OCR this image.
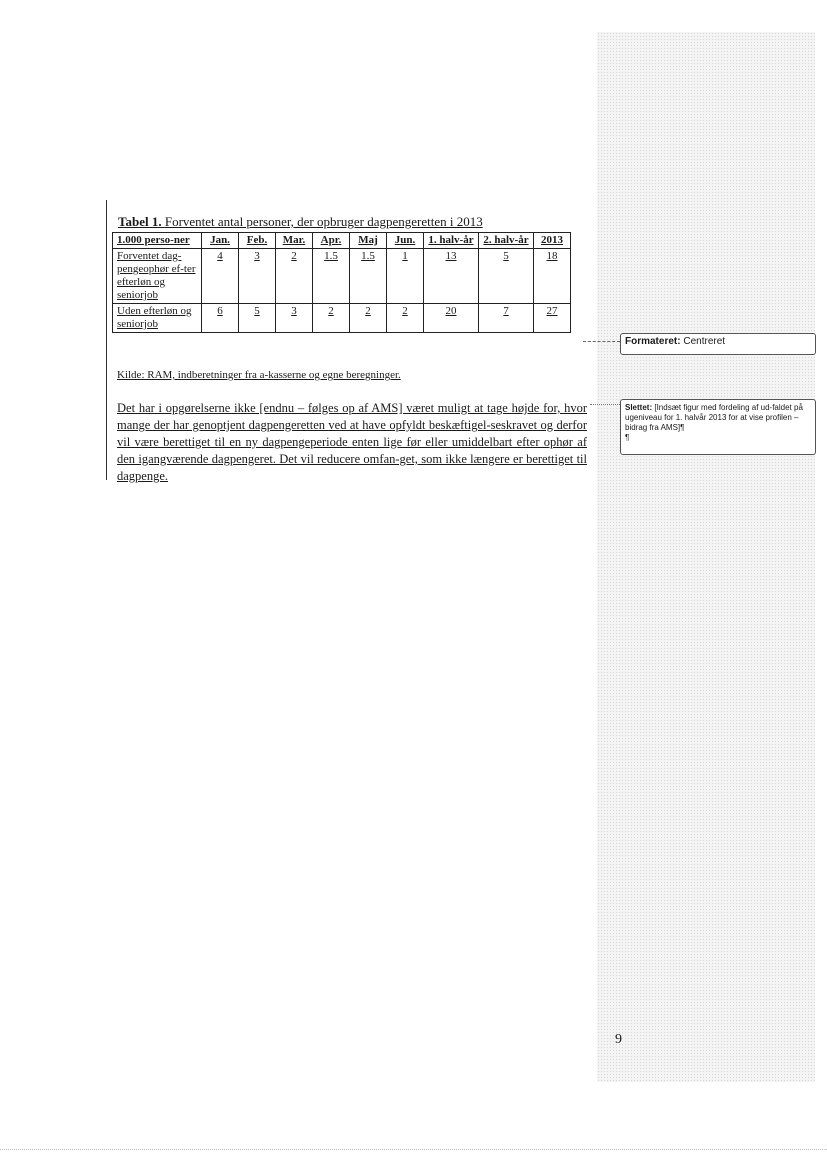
Tabel 1. Forventet antal personer, der opbruger dagpengeretten i 2013
1.000 perso-ner	Jan.	Feb.	Mar.	Apr.	Maj	Jun.	1. halv-år	2. halv-år	2013
Forventet dag-pengeophør ef-ter efterløn og seniorjob	4	3	2	1.5	1.5	1	13	5	18
Uden efterløn og seniorjob	6	5	3	2	2	2	20	7	27
Kilde: RAM, indberetninger fra a-kasserne og egne beregninger.
Det har i opgørelserne ikke [endnu – følges op af AMS] været muligt at tage højde for, hvor mange der har genoptjent dagpengeretten ved at have opfyldt beskæftigel-seskravet og derfor vil være berettiget til en ny dagpengeperiode enten lige før eller umiddelbart efter ophør af den igangværende dagpengeret. Det vil reducere omfan-get, som ikke længere er berettiget til dagpenge.
Formateret: Centreret
Slettet: [Indsæt figur med fordeling af ud-faldet på ugeniveau for 1. halvår 2013 for at vise profilen – bidrag fra AMS]¶
¶
9
